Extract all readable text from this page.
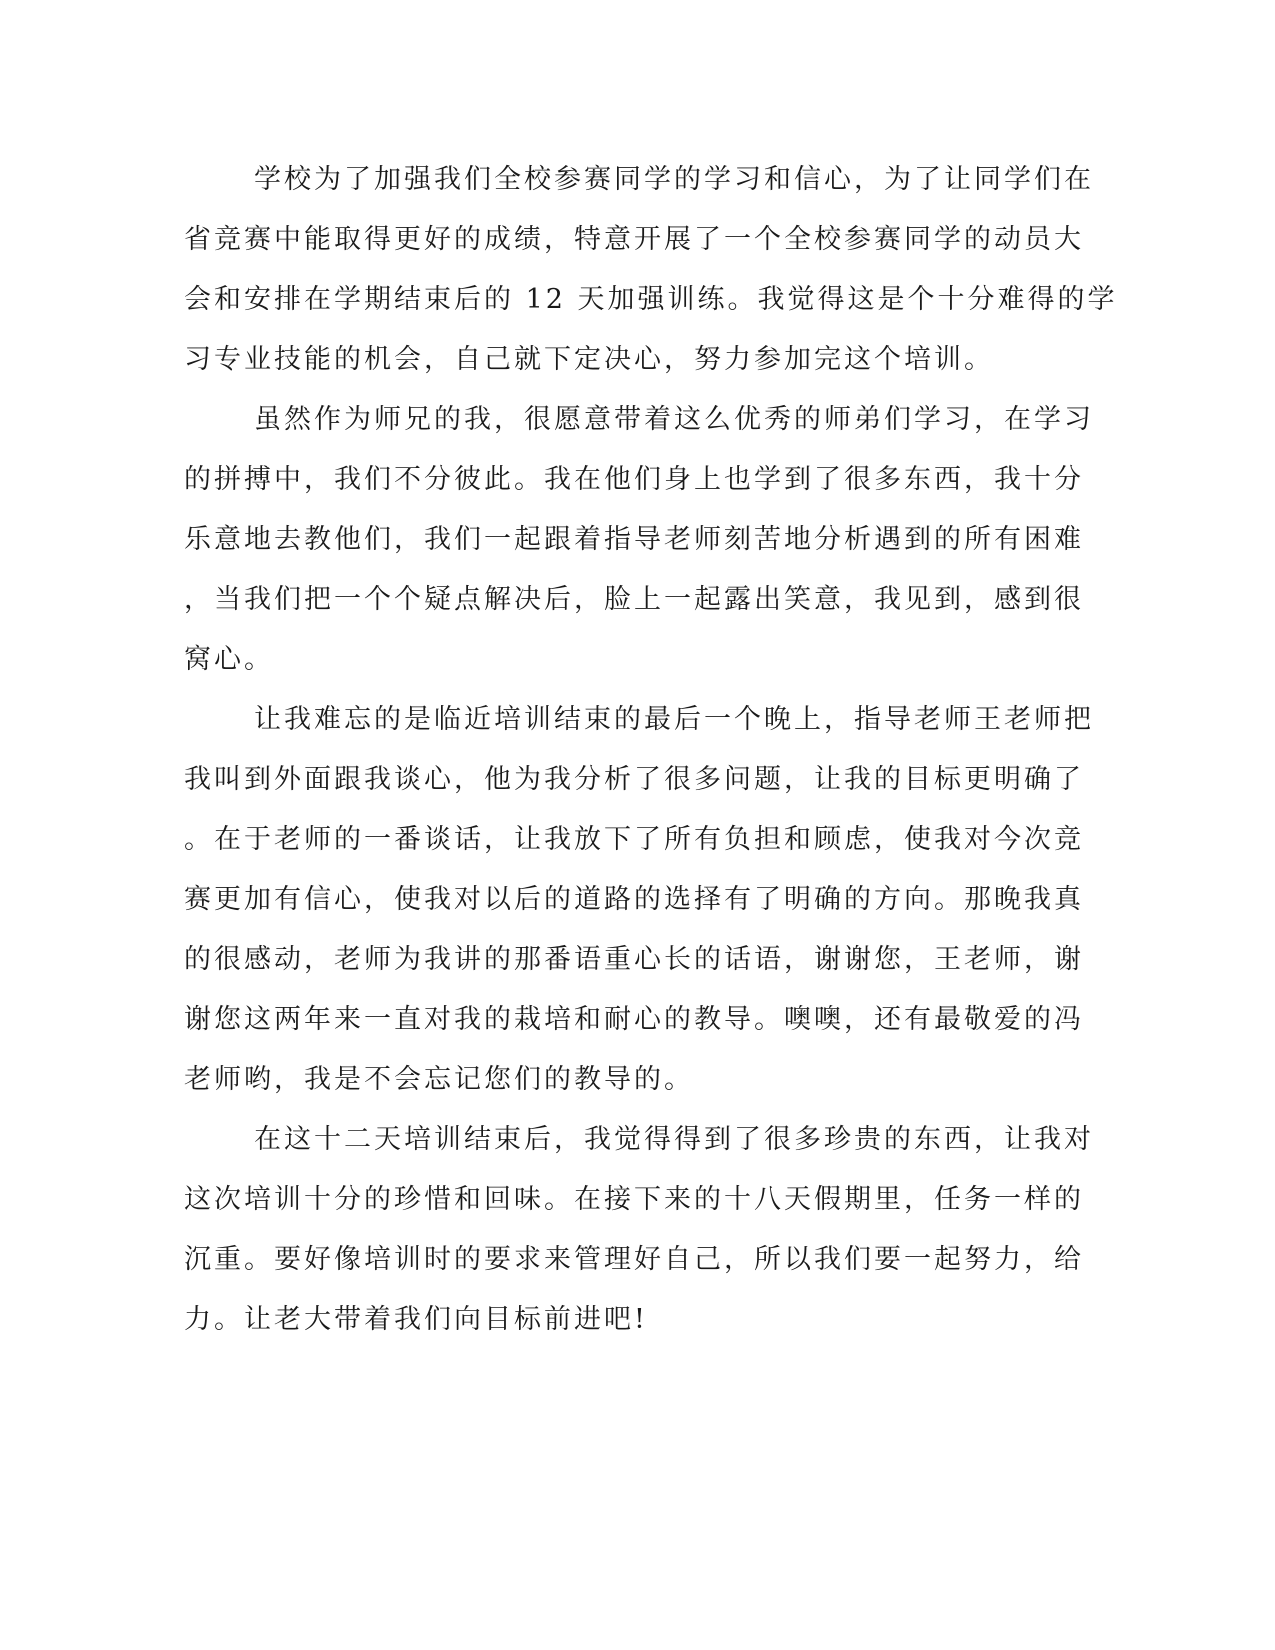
学校为了加强我们全校参赛同学的学习和信心，为了让同学们在
省竞赛中能取得更好的成绩，特意开展了一个全校参赛同学的动员大
会和安排在学期结束后的 12 天加强训练。我觉得这是个十分难得的学
习专业技能的机会，自己就下定决心，努力参加完这个培训。
虽然作为师兄的我，很愿意带着这么优秀的师弟们学习，在学习
的拼搏中，我们不分彼此。我在他们身上也学到了很多东西，我十分
乐意地去教他们，我们一起跟着指导老师刻苦地分析遇到的所有困难
，当我们把一个个疑点解决后，脸上一起露出笑意，我见到，感到很
窝心。
让我难忘的是临近培训结束的最后一个晚上，指导老师王老师把
我叫到外面跟我谈心，他为我分析了很多问题，让我的目标更明确了
。在于老师的一番谈话，让我放下了所有负担和顾虑，使我对今次竞
赛更加有信心，使我对以后的道路的选择有了明确的方向。那晚我真
的很感动，老师为我讲的那番语重心长的话语，谢谢您，王老师，谢
谢您这两年来一直对我的栽培和耐心的教导。噢噢，还有最敬爱的冯
老师哟，我是不会忘记您们的教导的。
在这十二天培训结束后，我觉得得到了很多珍贵的东西，让我对
这次培训十分的珍惜和回味。在接下来的十八天假期里，任务一样的
沉重。要好像培训时的要求来管理好自己，所以我们要一起努力，给
力。让老大带着我们向目标前进吧!
